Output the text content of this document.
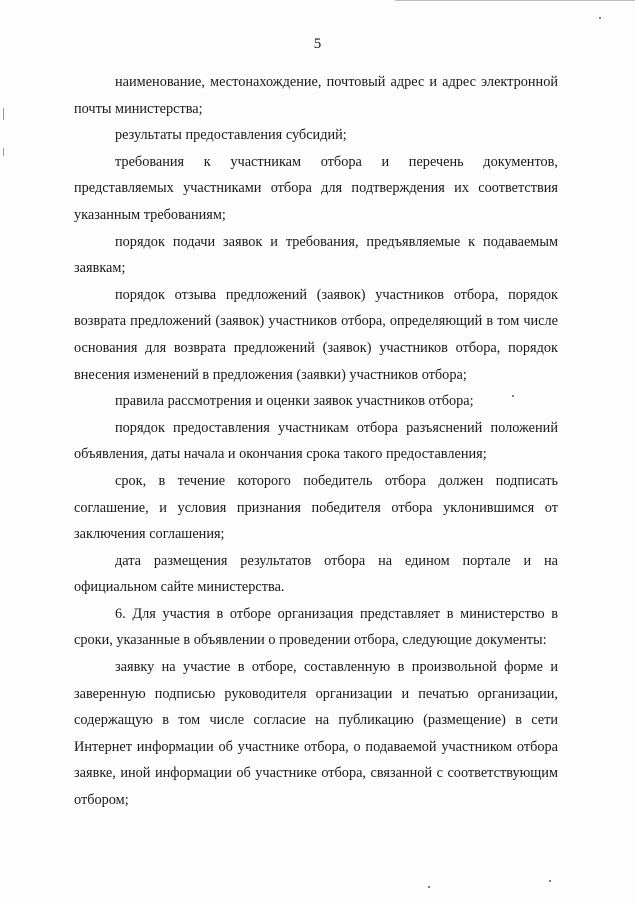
5

наименование, местонахождение, почтовый адрес и адрес электронной почты министерства;

результаты предоставления субсидий;

требования к участникам отбора и перечень документов, представляемых участниками отбора для подтверждения их соответствия указанным требованиям;

порядок подачи заявок и требования, предъявляемые к подаваемым заявкам;

порядок отзыва предложений (заявок) участников отбора, порядок возврата предложений (заявок) участников отбора, определяющий в том числе основания для возврата предложений (заявок) участников отбора, порядок внесения изменений в предложения (заявки) участников отбора;

правила рассмотрения и оценки заявок участников отбора;

порядок предоставления участникам отбора разъяснений положений объявления, даты начала и окончания срока такого предоставления;

срок, в течение которого победитель отбора должен подписать соглашение, и условия признания победителя отбора уклонившимся от заключения соглашения;

дата размещения результатов отбора на едином портале и на официальном сайте министерства.

6. Для участия в отборе организация представляет в министерство в сроки, указанные в объявлении о проведении отбора, следующие документы:

заявку на участие в отборе, составленную в произвольной форме и заверенную подписью руководителя организации и печатью организации, содержащую в том числе согласие на публикацию (размещение) в сети Интернет информации об участнике отбора, о подаваемой участником отбора заявке, иной информации об участнике отбора, связанной с соответствующим отбором;
